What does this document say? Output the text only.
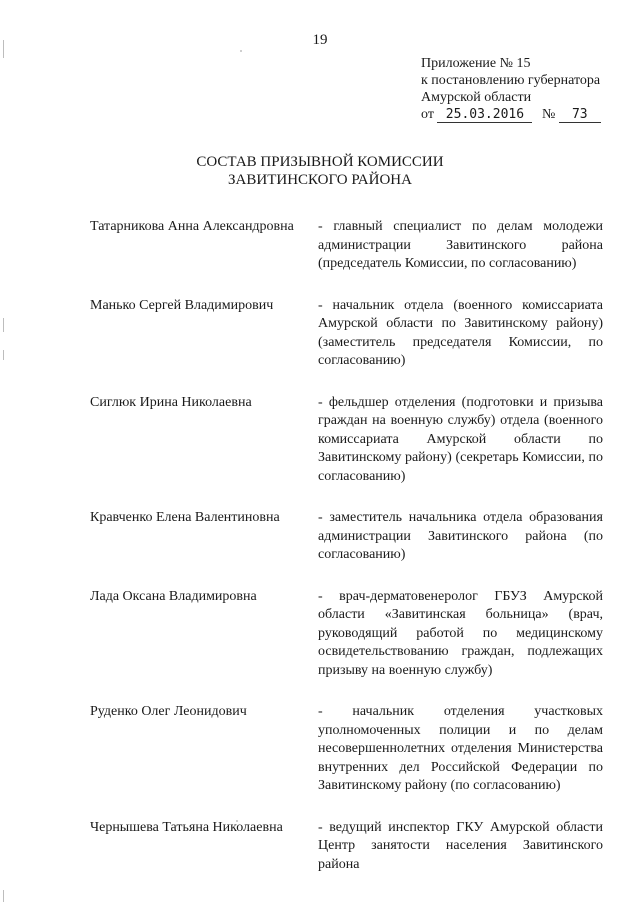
19
Приложение № 15
к постановлению губернатора
Амурской области
от 25.03.2016 № 73
СОСТАВ ПРИЗЫВНОЙ КОМИССИИ
ЗАВИТИНСКОГО РАЙОНА
Татарникова Анна Александровна	- главный специалист по делам молодежи администрации Завитинского района (председатель Комиссии, по согласованию)
Манько Сергей Владимирович	- начальник отдела (военного комиссариата Амурской области по Завитинскому району) (заместитель председателя Комиссии, по согласованию)
Сиглюк Ирина Николаевна	- фельдшер отделения (подготовки и призыва граждан на военную службу) отдела (военного комиссариата Амурской области по Завитинскому району) (секретарь Комиссии, по согласованию)
Кравченко Елена Валентиновна	- заместитель начальника отдела образования администрации Завитинского района (по согласованию)
Лада Оксана Владимировна	- врач-дерматовенеролог ГБУЗ Амурской области «Завитинская больница» (врач, руководящий работой по медицинскому освидетельствованию граждан, подлежащих призыву на военную службу)
Руденко Олег Леонидович	- начальник отделения участковых уполномоченных полиции и по делам несовершеннолетних отделения Министерства внутренних дел Российской Федерации по Завитинскому району (по согласованию)
Чернышева Татьяна Николаевна	- ведущий инспектор ГКУ Амурской области Центр занятости населения Завитинского района
